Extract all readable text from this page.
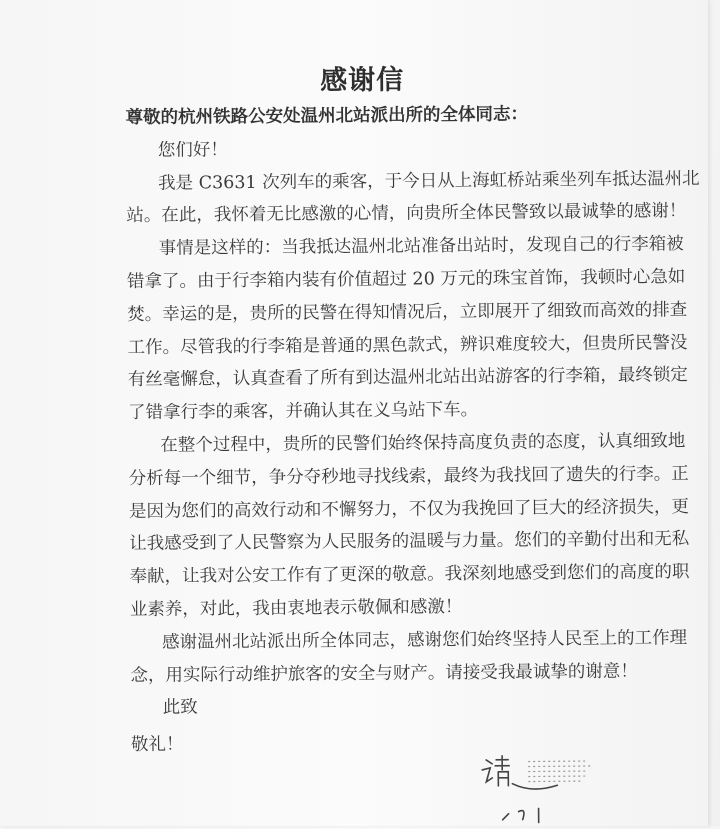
感谢信
尊敬的杭州铁路公安处温州北站派出所的全体同志：
您们好！
我是 C3631 次列车的乘客，于今日从上海虹桥站乘坐列车抵达温州北
站。在此，我怀着无比感激的心情，向贵所全体民警致以最诚挚的感谢！
事情是这样的：当我抵达温州北站准备出站时，发现自己的行李箱被
错拿了。由于行李箱内装有价值超过 20 万元的珠宝首饰，我顿时心急如
焚。幸运的是，贵所的民警在得知情况后，立即展开了细致而高效的排查
工作。尽管我的行李箱是普通的黑色款式，辨识难度较大，但贵所民警没
有丝毫懈怠，认真查看了所有到达温州北站出站游客的行李箱，最终锁定
了错拿行李的乘客，并确认其在义乌站下车。
在整个过程中，贵所的民警们始终保持高度负责的态度，认真细致地
分析每一个细节，争分夺秒地寻找线索，最终为我找回了遗失的行李。正
是因为您们的高效行动和不懈努力，不仅为我挽回了巨大的经济损失，更
让我感受到了人民警察为人民服务的温暖与力量。您们的辛勤付出和无私
奉献，让我对公安工作有了更深的敬意。我深刻地感受到您们的高度的职
业素养，对此，我由衷地表示敬佩和感激！
感谢温州北站派出所全体同志，感谢您们始终坚持人民至上的工作理
念，用实际行动维护旅客的安全与财产。请接受我最诚挚的谢意！
此致
敬礼！
